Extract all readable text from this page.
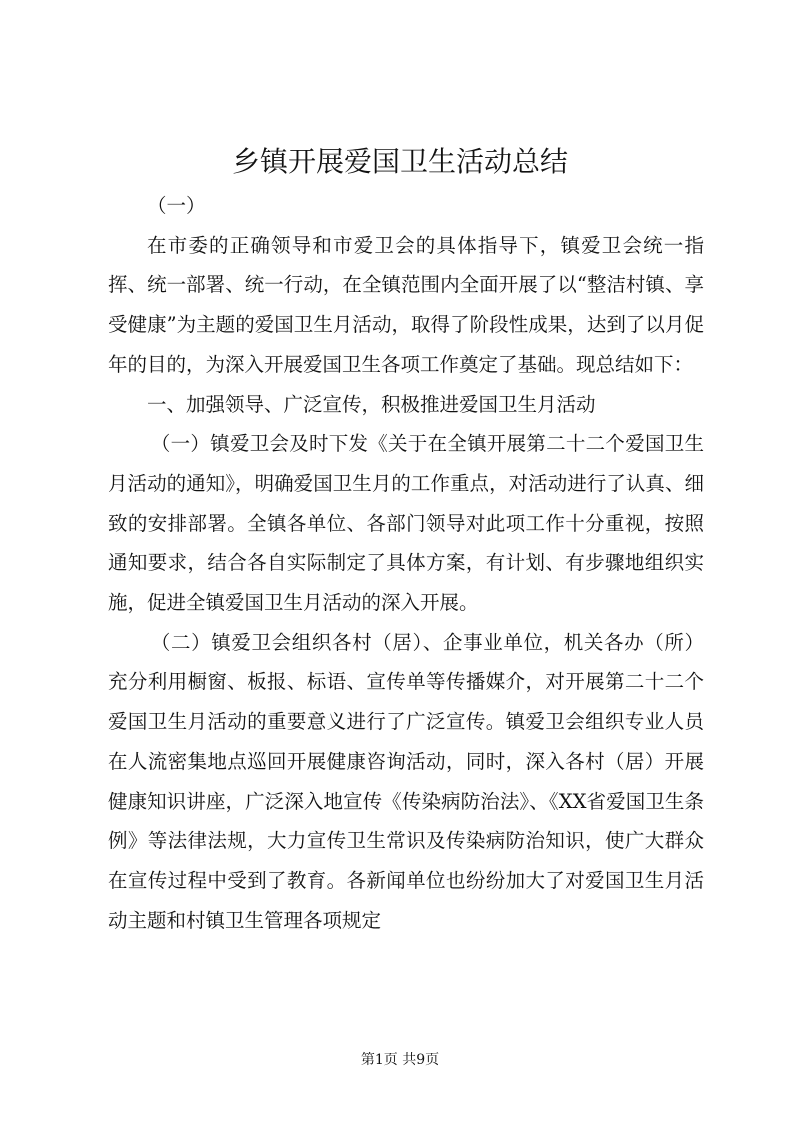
乡镇开展爱国卫生活动总结

（一）

在市委的正确领导和市爱卫会的具体指导下，镇爱卫会统一指挥、统一部署、统一行动，在全镇范围内全面开展了以“整洁村镇、享受健康”为主题的爱国卫生月活动，取得了阶段性成果，达到了以月促年的目的，为深入开展爱国卫生各项工作奠定了基础。现总结如下：

一、加强领导、广泛宣传，积极推进爱国卫生月活动

（一）镇爱卫会及时下发《关于在全镇开展第二十二个爱国卫生月活动的通知》，明确爱国卫生月的工作重点，对活动进行了认真、细致的安排部署。全镇各单位、各部门领导对此项工作十分重视，按照通知要求，结合各自实际制定了具体方案，有计划、有步骤地组织实施，促进全镇爱国卫生月活动的深入开展。

（二）镇爱卫会组织各村（居）、企事业单位，机关各办（所）充分利用橱窗、板报、标语、宣传单等传播媒介，对开展第二十二个爱国卫生月活动的重要意义进行了广泛宣传。镇爱卫会组织专业人员在人流密集地点巡回开展健康咨询活动，同时，深入各村（居）开展健康知识讲座，广泛深入地宣传《传染病防治法》、《XX省爱国卫生条例》等法律法规，大力宣传卫生常识及传染病防治知识，使广大群众在宣传过程中受到了教育。各新闻单位也纷纷加大了对爱国卫生月活动主题和村镇卫生管理各项规定

第1页 共9页
